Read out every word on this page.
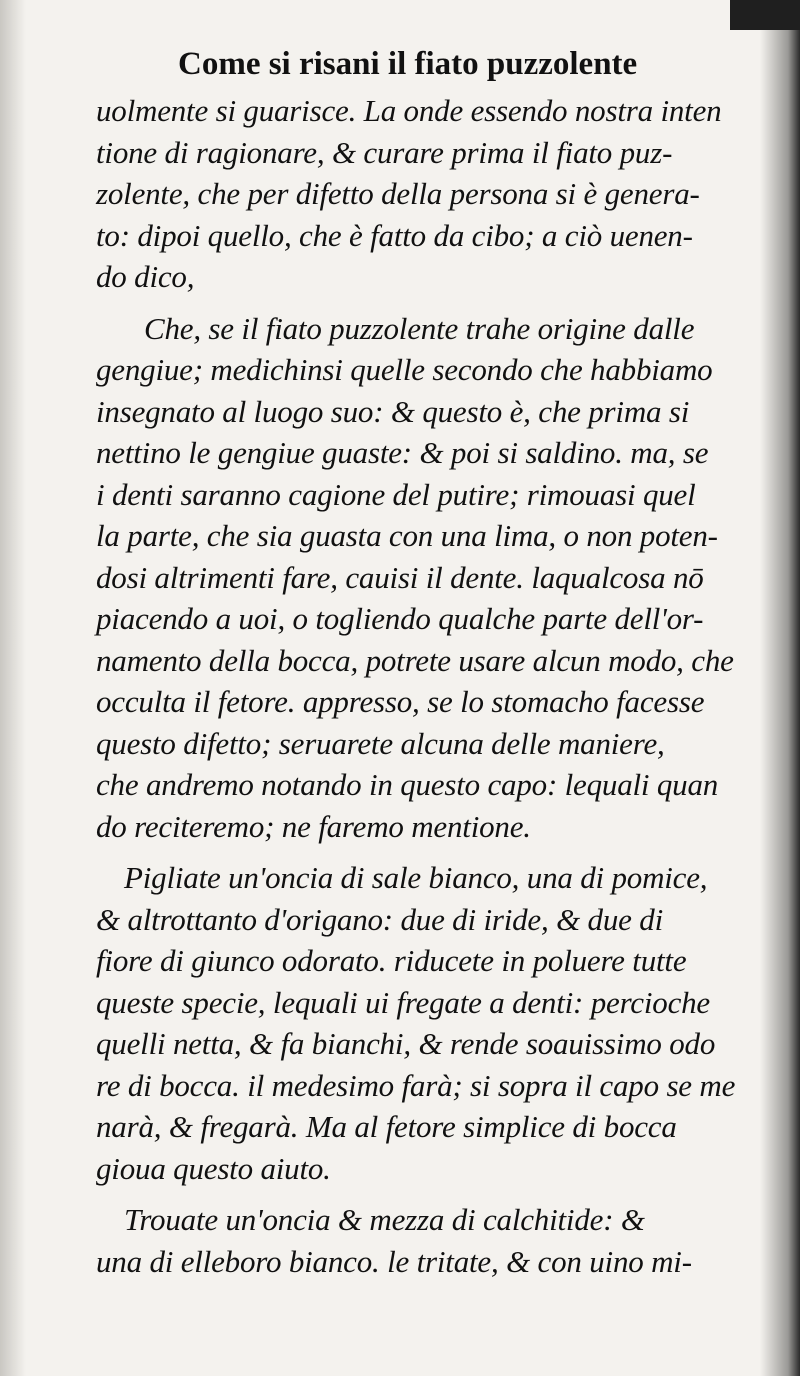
Come si risani il fiato puzzolente
uolmente si guarisce. La onde essendo nostra inten
tione di ragionare, & curare prima il fiato puz-
zolente, che per difetto della persona si è genera-
to: dipoi quello, che è fatto da cibo; a ciò uenen-
do dico,
Che, se il fiato puzzolente trahe origine dalle
gengiue; medichinsi quelle secondo che habbiamo
insegnato al luogo suo: & questo è, che prima si
nettino le gengiue guaste: & poi si saldino. ma, se
i denti saranno cagione del putire; rimouasi quel
la parte, che sia guasta con una lima, o non poten-
dosi altrimenti fare, cauisi il dente. laqualcosa nō
piacendo a uoi, o togliendo qualche parte dell'or-
namento della bocca, potrete usare alcun modo, che
occulta il fetore. appresso, se lo stomacho facesse
questo difetto; seruarete alcuna delle maniere,
che andremo notando in questo capo: lequali quan
do reciteremo; ne faremo mentione.
Pigliate un'oncia di sale bianco, una di pomice,
& altrottanto d'origano: due di iride, & due di
fiore di giunco odorato. riducete in poluere tutte
queste specie, lequali ui fregate a denti: percioche
quelli netta, & fa bianchi, & rende soauissimo odo
re di bocca. il medesimo farà; si sopra il capo se me
narà, & fregarà. Ma al fetore simplice di bocca
gioua questo aiuto.
Trouate un'oncia & mezza di calchitide: &
una di elleboro bianco. le tritate, & con uino mi-
